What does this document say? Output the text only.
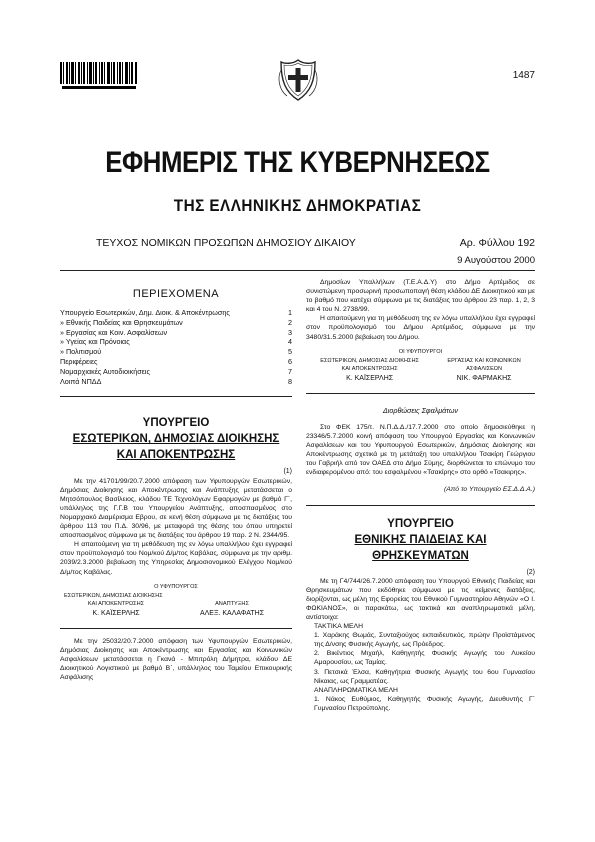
1487
ΕΦΗΜΕΡΙΣ ΤΗΣ ΚΥΒΕΡΝΗΣΕΩΣ
ΤΗΣ ΕΛΛΗΝΙΚΗΣ ΔΗΜΟΚΡΑΤΙΑΣ
ΤΕΥΧΟΣ ΝΟΜΙΚΩΝ ΠΡΟΣΩΠΩΝ ΔΗΜΟΣΙΟΥ ΔΙΚΑΙΟΥ	Αρ. Φύλλου 192
9 Αυγούστου 2000
ΠΕΡΙΕΧΟΜΕΝΑ
Υπουργείο Εσωτερικών, Δημ. Διοικ. & Αποκέντρωσης	1
» Εθνικής Παιδείας και Θρησκευμάτων	2
» Εργασίας και Κοιν. Ασφαλίσεων	3
» Υγείας και Πρόνοιας	4
» Πολιτισμού	5
Περιφέρειες	6
Νομαρχιακές Αυτοδιοικήσεις	7
Λοιπά ΝΠΔΔ	8
ΥΠΟΥΡΓΕΙΟ
ΕΣΩΤΕΡΙΚΩΝ, ΔΗΜΟΣΙΑΣ ΔΙΟΙΚΗΣΗΣ
ΚΑΙ ΑΠΟΚΕΝΤΡΩΣΗΣ
(1)

Με την 41701/99/20.7.2000 απόφαση των Υφυπουργών Εσωτερικών, Δημόσιας Διοίκησης και Αποκέντρωσης και Ανάπτυξης μετατάσσεται ο Μητσόπουλος Βασίλειος, κλάδου ΤΕ Τεχνολόγων Εφαρμογών με βαθμό Γ΄, υπάλληλος της Γ.Γ.Β του Υπουργείου Ανάπτυξης, αποσπασμένος στο Νομαρχιακό Διαμέρισμα Εβρου, σε κενή θέση σύμφωνα με τις διατάξεις του άρθρου 113 του Π.Δ. 30/96, με μεταφορά της θέσης του όπου υπηρετεί αποσπασμένος σύμφωνα με τις διατάξεις του άρθρου 19 παρ. 2 Ν. 2344/95.

Η απαιτούμενη για τη μεθόδευση της εν λόγω υπαλλήλου έχει εγγραφεί στον προϋπολογισμό του Νομ/κού Δ/μ/τος Καβάλας, σύμφωνα με την αριθμ. 2039/2.3.2000 βεβαίωση της Υπηρεσίας Δημοσιονομικού Ελέγχου Νομ/κού Δ/μ/τος Καβάλας.

Ο ΥΦΥΠΟΥΡΓΟΣ
ΕΣΩΤΕΡΙΚΩΝ, ΔΗΜΟΣΙΑΣ ΔΙΟΙΚΗΣΗΣ
ΚΑΙ ΑΠΟΚΕΝΤΡΩΣΗΣ
Κ. ΚΑΪΣΕΡΛΗΣ
ΑΝΑΠΤΥΞΗΣ
ΑΛΕΞ. ΚΑΛΑΦΑΤΗΣ

Με την 25032/20.7.2000 απόφαση των Υφυπουργών Εσωτερικών, Δημόσιας Διοίκησης και Αποκέντρωσης και Εργασίας και Κοινωνικών Ασφαλίσεων μετατάσσεται η Γκανά - Μπιτρόλη Δήμητρα, κλάδου ΔΕ Διοικητικού Λογιστικού με βαθμό Β΄, υπάλληλος του Ταμείου Επικουρικής Ασφάλισης

Δημοσίων Υπαλλήλων (Τ.Ε.Α.Δ.Υ) στο Δήμο Αρτέμιδος σε συνιστώμενη προσωρινή προσωποπαγή θέση κλάδου ΔΕ Διοικητικού και με το βαθμό που κατέχει σύμφωνα με τις διατάξεις του άρθρου 23 παρ. 1, 2, 3 και 4 του Ν. 2738/99.

Η απαιτούμενη για τη μεθόδευση της εν λόγω υπαλλήλου έχει εγγραφεί στον προϋπολογισμό του Δήμου Αρτέμιδος, σύμφωνα με την 3480/31.5.2000 βεβαίωση του Δήμου.

ΟΙ ΥΦΥΠΟΥΡΓΟΙ
ΕΣΩΤΕΡΙΚΩΝ, ΔΗΜΟΣΙΑΣ ΔΙΟΙΚΗΣΗΣ
ΚΑΙ ΑΠΟΚΕΝΤΡΩΣΗΣ
Κ. ΚΑΪΣΕΡΛΗΣ
ΕΡΓΑΣΙΑΣ ΚΑΙ ΚΟΙΝΩΝΙΚΩΝ
ΑΣΦΑΛΙΣΕΩΝ
ΝΙΚ. ΦΑΡΜΑΚΗΣ
Διορθώσεις Σφαλμάτων

Στο ΦΕΚ 175/τ. Ν.Π.Δ.Δ./17.7.2000 στο οποίο δημοσιεύθηκε η 23346/5.7.2000 κοινή απόφαση του Υπουργού Εργασίας και Κοινωνικών Ασφαλίσεων και του Υφυπουργού Εσωτερικών, Δημόσιας Διοίκησης και Αποκέντρωσης σχετικά με τη μετάταξη του υπαλλήλου Τσακίρη Γεώργιου του Γαβριήλ από τον ΟΑΕΔ στο Δήμο Σύμης, διορθώνεται το επώνυμο του ενδιαφερομένου από: του εσφαλμένου «Τσακίρης» στο ορθό «Τσακιρης».

(Από το Υπουργείο ΕΣ.Δ.Δ.Α.)
ΥΠΟΥΡΓΕΙΟ
ΕΘΝΙΚΗΣ ΠΑΙΔΕΙΑΣ ΚΑΙ ΘΡΗΣΚΕΥΜΑΤΩΝ
(2)

Με τη Γ4/744/26.7.2000 απόφαση του Υπουργού Εθνικής Παιδείας και Θρησκευμάτων που εκδόθηκε σύμφωνα με τις κείμενες διατάξεις, διορίζονται, ως μέλη της Εφορείας του Εθνικού Γυμναστηρίου Αθηνών «Ο Ι. ΦΩΚΙΑΝΟΣ», οι παρακάτω, ως τακτικά και αναπληρωματικά μέλη, αντίστοιχα:

ΤΑΚΤΙΚΑ ΜΕΛΗ

1. Χαράκης Θωμάς, Συνταξιούχος εκπαιδευτικός, πρώην Προϊστάμενος της Δ/νσης Φυσικής Αγωγής, ως Πρόεδρος.

2. Βικέντιος Μιχαήλ, Καθηγητής Φυσικής Αγωγής του Λυκείου Αμαρουσίου, ως Ταμίας.

3. Πετσικά Έλσα, Καθηγήτρια Φυσικής Αγωγής του 6ου Γυμνασίου Νίκαιας, ως Γραμματέας.

ΑΝΑΠΛΗΡΩΜΑΤΙΚΑ ΜΕΛΗ

1. Νάκος Ευθύμιος, Καθηγητής Φυσικής Αγωγής, Διευθυντής Γ΄ Γυμνασίου Πετρούπολης.
